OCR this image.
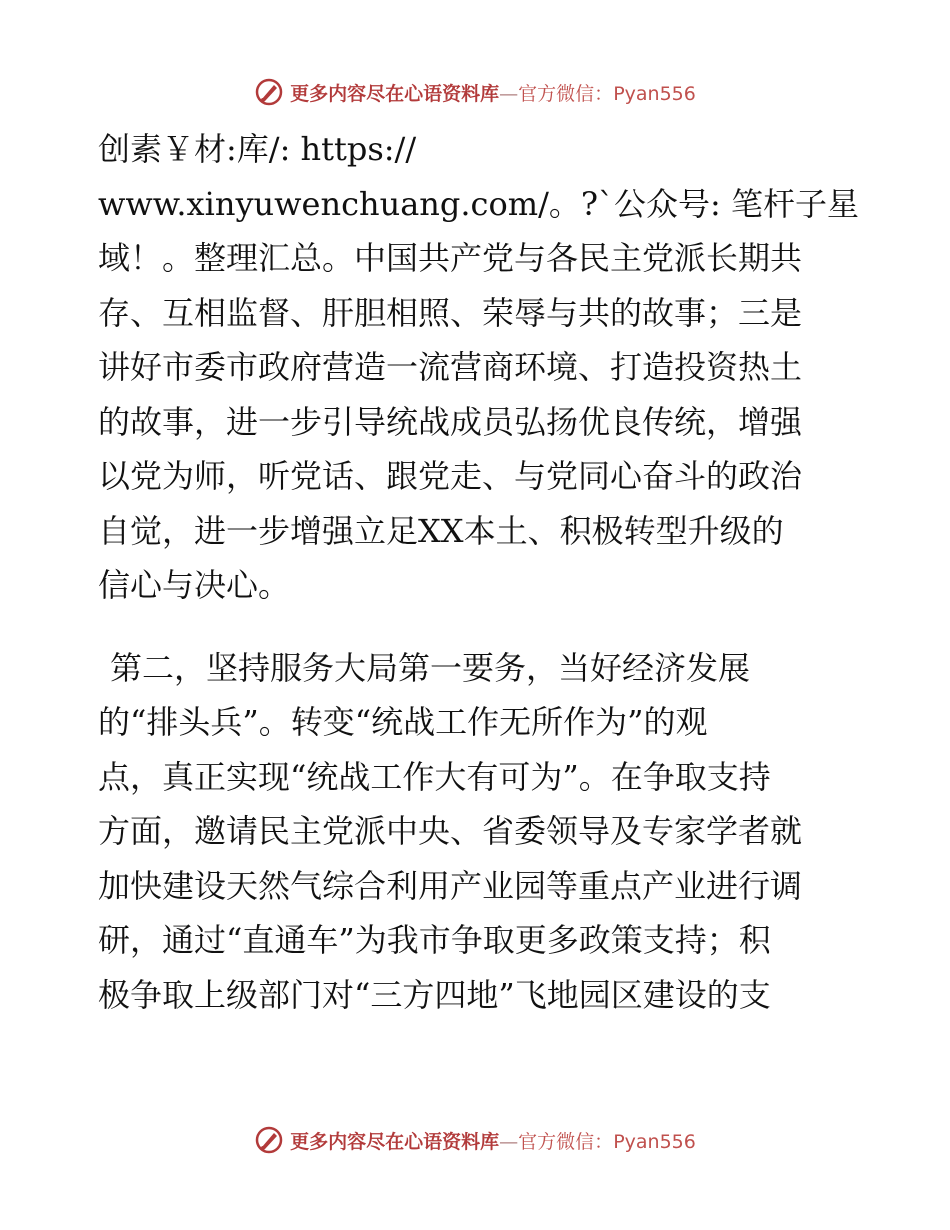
更多内容尽在心语资料库—官方微信：Pyan556

创素￥材:库/: https://

www.xinyuwenchuang.com/。?`公众号: 笔杆子星

域！。整理汇总。中国共产党与各民主党派长期共

存、互相监督、肝胆相照、荣辱与共的故事；三是

讲好市委市政府营造一流营商环境、打造投资热土

的故事，进一步引导统战成员弘扬优良传统，增强

以党为师，听党话、跟党走、与党同心奋斗的政治

自觉，进一步增强立足XX本土、积极转型升级的

信心与决心。

第二，坚持服务大局第一要务，当好经济发展

的“排头兵”。转变“统战工作无所作为”的观

点，真正实现“统战工作大有可为”。在争取支持

方面，邀请民主党派中央、省委领导及专家学者就

加快建设天然气综合利用产业园等重点产业进行调

研，通过“直通车”为我市争取更多政策支持；积

极争取上级部门对“三方四地”飞地园区建设的支

更多内容尽在心语资料库—官方微信：Pyan556
